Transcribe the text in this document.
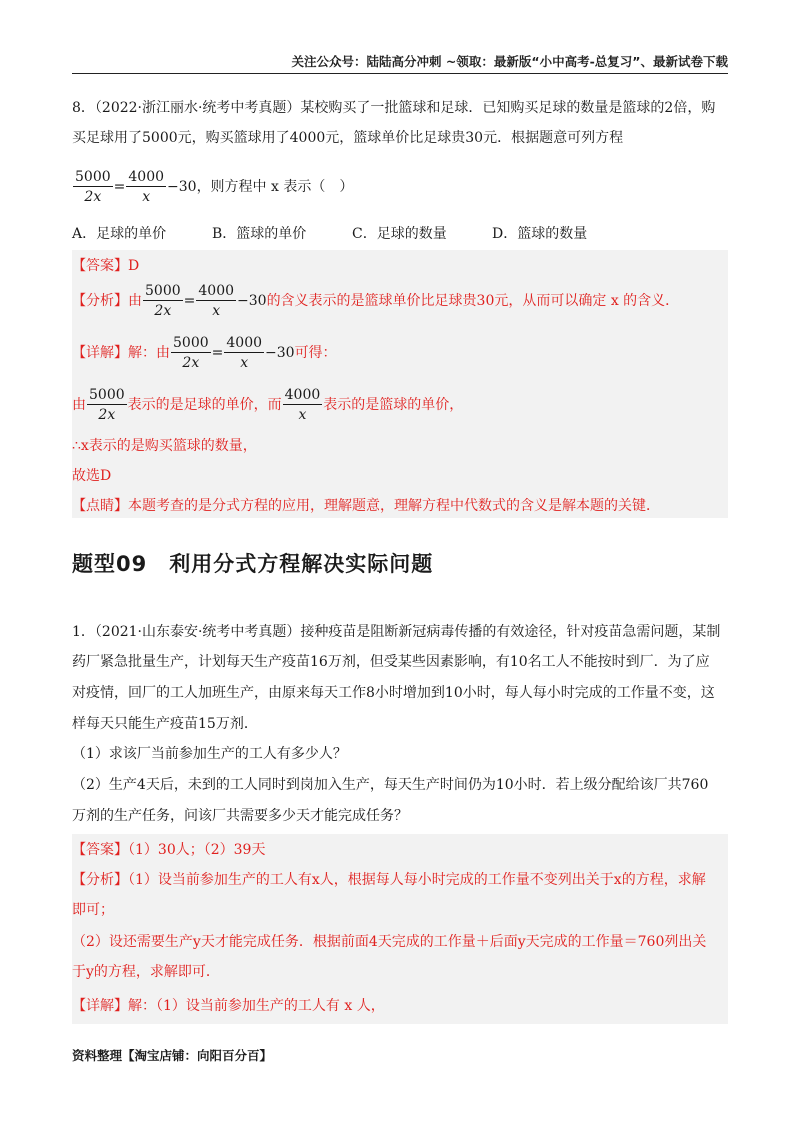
关注公众号：陆陆高分冲刺 ~领取：最新版“小中高考-总复习”、最新试卷下载
8．（2022·浙江丽水·统考中考真题）某校购买了一批篮球和足球．已知购买足球的数量是篮球的2倍，购
买足球用了5000元，购买篮球用了4000元，篮球单价比足球贵30元．根据题意可列方程
$\frac{5000}{2x} = \frac{4000}{x} -30$，则方程中 x 表示（　）
A．足球的单价	B．篮球的单价	C．足球的数量	D．篮球的数量
【答案】D
【分析】由 $\frac{5000}{2x} = \frac{4000}{x} -30$的含义表示的是篮球单价比足球贵30元，从而可以确定 x 的含义．
【详解】解：由 $\frac{5000}{2x} = \frac{4000}{x} -30$可得：
由 $\frac{5000}{2x}$ 表示的是足球的单价，而 $\frac{4000}{x}$ 表示的是篮球的单价，
∴x表示的是购买篮球的数量，
故选D
【点睛】本题考查的是分式方程的应用，理解题意，理解方程中代数式的含义是解本题的关键．
题型09　利用分式方程解决实际问题
1．（2021·山东泰安·统考中考真题）接种疫苗是阻断新冠病毒传播的有效途径，针对疫苗急需问题，某制
药厂紧急批量生产，计划每天生产疫苗16万剂，但受某些因素影响，有10名工人不能按时到厂．为了应
对疫情，回厂的工人加班生产，由原来每天工作8小时增加到10小时，每人每小时完成的工作量不变，这
样每天只能生产疫苗15万剂．
（1）求该厂当前参加生产的工人有多少人？
（2）生产4天后，未到的工人同时到岗加入生产，每天生产时间仍为10小时．若上级分配给该厂共760
万剂的生产任务，问该厂共需要多少天才能完成任务？
【答案】（1）30人；（2）39天
【分析】（1）设当前参加生产的工人有x人，根据每人每小时完成的工作量不变列出关于x的方程，求解
即可；
（2）设还需要生产y天才能完成任务．根据前面4天完成的工作量＋后面y天完成的工作量＝760列出关
于y的方程，求解即可．
【详解】解：（1）设当前参加生产的工人有 x 人，
资料整理【淘宝店铺：向阳百分百】
